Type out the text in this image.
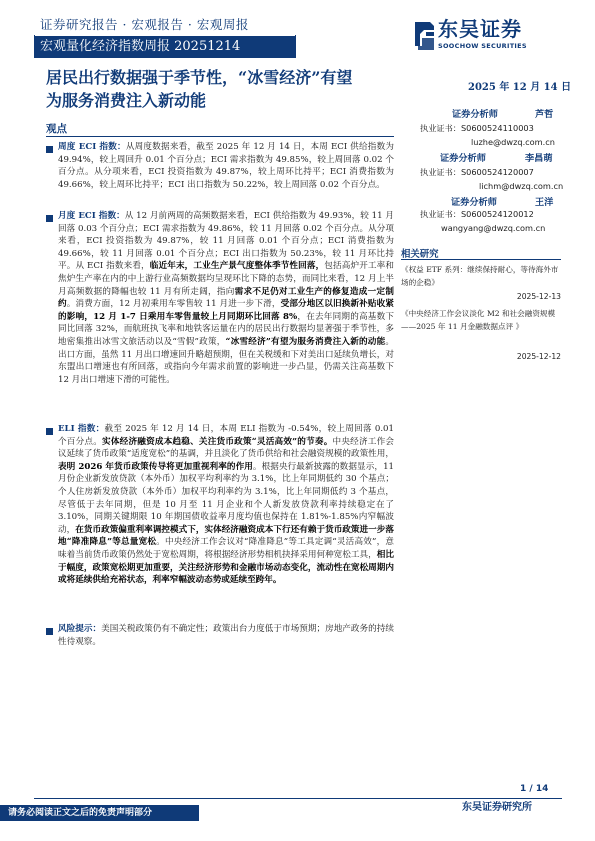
证券研究报告 · 宏观报告 · 宏观周报
宏观量化经济指数周报 20251214
东吴证券
SOOCHOW SECURITIES
居民出行数据强于季节性，“冰雪经济”有望
为服务消费注入新动能
2025 年 12 月 14 日
观点
周度 ECI 指数：从周度数据来看，截至 2025 年 12 月 14 日，本周 ECI 供给指数为 49.94%，较上周回升 0.01 个百分点；ECI 需求指数为 49.85%，较上周回落 0.02 个百分点。从分项来看，ECI 投资指数为 49.87%，较上周环比持平；ECI 消费指数为 49.66%，较上周环比持平；ECI 出口指数为 50.22%，较上周回落 0.02 个百分点。
月度 ECI 指数：从 12 月前两周的高频数据来看，ECI 供给指数为 49.93%，较 11 月回落 0.03 个百分点；ECI 需求指数为 49.86%，较 11 月回落 0.02 个百分点。从分项来看，ECI 投资指数为 49.87%，较 11 月回落 0.01 个百分点；ECI 消费指数为 49.66%，较 11 月回落 0.01 个百分点；ECI 出口指数为 50.23%，较 11 月环比持平。从 ECI 指数来看，临近年末，工业生产景气度整体季节性回落，包括高炉开工率和焦炉生产率在内的中上游行业高频数据均呈现环比下降的态势，而同比来看，12 月上半月高频数据的降幅也较 11 月有所走阔，指向需求不足仍对工业生产的修复造成一定制约。消费方面，12 月初乘用车零售较 11 月进一步下滑，受部分地区以旧换新补贴收紧的影响，12 月 1-7 日乘用车零售量较上月同期环比回落 8%，在去年同期的高基数下同比回落 32%，而航班执飞率和地铁客运量在内的居民出行数据均显著强于季节性，多地密集推出冰雪文旅活动以及“雪假”政策，“冰雪经济”有望为服务消费注入新的动能。出口方面，虽然 11 月出口增速回升略超预期，但在关税缓和下对美出口延续负增长，对东盟出口增速也有所回落，或指向今年需求前置的影响进一步凸显，仍需关注高基数下 12 月出口增速下滑的可能性。
ELI 指数：截至 2025 年 12 月 14 日，本周 ELI 指数为 -0.54%，较上周回落 0.01 个百分点。实体经济融资成本趋稳、关注货币政策“灵活高效”的节奏。中央经济工作会议延续了货币政策“适度宽松”的基调，并且淡化了货币供给和社会融资规模的政策性用，表明 2026 年货币政策传导将更加重视利率的作用。根据央行最新披露的数据显示，11 月份企业新发放贷款（本外币）加权平均利率约为 3.1%，比上年同期低约 30 个基点；个人住房新发放贷款（本外币）加权平均利率约为 3.1%，比上年同期低约 3 个基点，尽管低于去年同期，但是 10 月至 11 月企业和个人新发放贷款利率持续稳定在了 3.10%，同期关键期限 10 年期国债收益率月度均值也保持在 1.81%-1.85%内窄幅波动，在货币政策偏重利率调控模式下，实体经济融资成本下行还有赖于货币政策进一步落地“降准降息”等总量宽松。中央经济工作会议对“降准降息”等工具定调“灵活高效”，意味着当前货币政策仍然处于宽松周期，将根据经济形势相机抉择采用何种宽松工具，相比于幅度，政策宽松期更加重要，关注经济形势和金融市场动态变化，流动性在宽松周期内或将延续供给充裕状态，利率窄幅波动态势或延续至跨年。
风险提示：美国关税政策仍有不确定性；政策出台力度低于市场预期；房地产政务的持续性待观察。
证券分析师	芦哲
执业证书：S0600524110003
luzhe@dwzq.com.cn
证券分析师	李昌萌
执业证书：S0600524120007
lichm@dwzq.com.cn
证券分析师	王洋
执业证书：S0600524120012
wangyang@dwzq.com.cn
相关研究
《权益 ETF 系列：继续保持耐心，等待海外市场的企稳》
2025-12-13
《中央经济工作会议淡化 M2 和社会融资规模——2025 年 11 月金融数据点评 》
2025-12-12
1 / 14
请务必阅读正文之后的免责声明部分	东吴证券研究所
